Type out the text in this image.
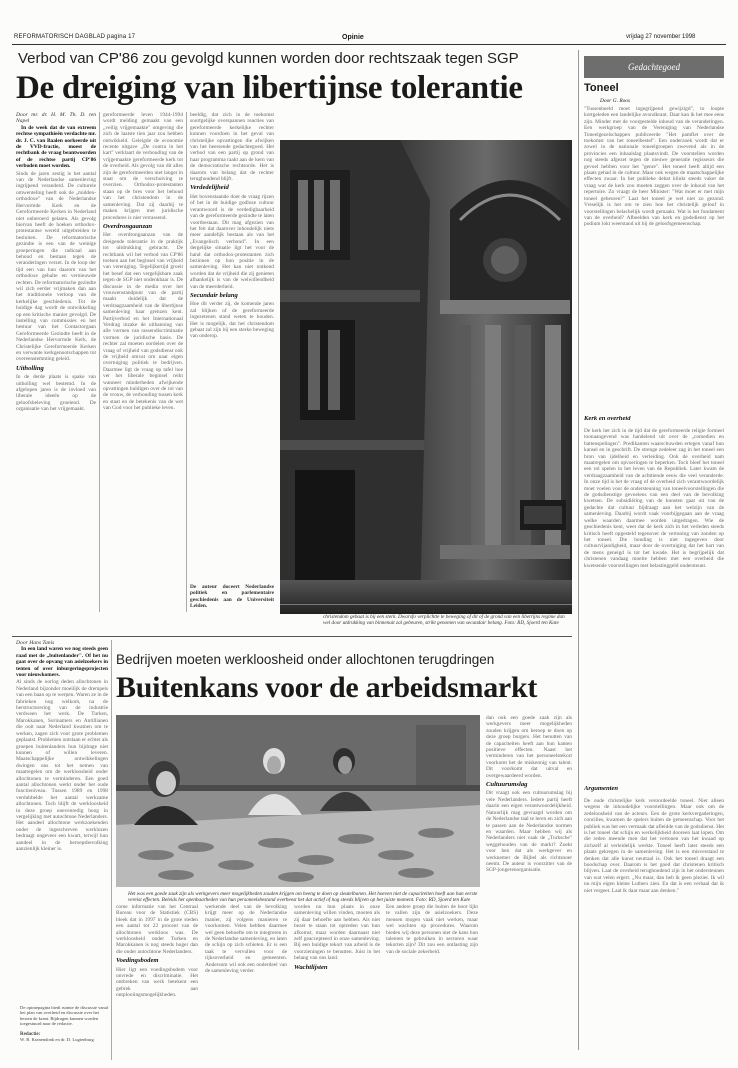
REFORMATORISCH DAGBLAD pagina 17	Opinie	vrijdag 27 november 1998
Verbod van CP'86 zou gevolgd kunnen worden door rechtszaak tegen SGP
De dreiging van libertijnse tolerantie
Door mr. dr. H. M. Th. D. ten Napel

In de week dat de van extreem rechtse sympathieën verdachte mr. dr. J. C. van Baalen oorkeerde uit de VVD-fractie, moest de rechtbank de vraag beantwoorden of de rechtse partij CP'86 verboden moet worden.

Sinds de jaren zestig is het aantal van de Nederlandse samenleving ingrijpend veranderd. De culturele omwenteling heeft ook de „midden-orthodoxe" van de Nederlandse Hervormde Kerk en de Gereformeerde Kerken in Nederland niet onberoerd gelaten. Als gevolg hiervan heeft de hoeken orthodox-protestantse wereld uitgebreiden te besluiten. De reformatorische gezindte is een van de weinige groeperingen die radicaal aan behoud en bestaan tegen de veranderingen verzet. In de loop der tijd een van hun daarom van het orthodoxe gehalte en vernieuwde rechten. De reformatorische gezindte wil zich eerder vrijmaken dan aan het traditionele verloop van de kerkelijke geschiedenis. Tot de huidige dag wordt de ontwikkeling op een kritische manier gevolgd. De instelling van commissies en het bestuur van het Contactorgaan Gereformeerde Gezindte heeft in de Nederlandse Hervormde Kerk, de Christelijke Gereformeerde Kerken en verwante kerkgenootschappen tot overeenstemming geleid.
Uitholling
In de derde plaats is spake van uitholling wel bestemd. In de afgelopen jaren is de invloed van liberale ideeën op de geloofsbeleving groeiend. De organisatie van het vrijgemaakt.
gereformeerde leven 1944-1994 wordt melding gemaakt van een „veilig vrijgemaakte" omgeving die zich de laatste tien jaar zou hebben ontwikkeld. Geleigde de economie recente uitgave „De contra in het kart" verklaart de verhouding van de vrijgemaakte gereformeerde kerk tot de overheid. Als gevolg van dit alles zijn de gereformeerden niet langer in staat om de verschuiving te overzien. Orthodox-protestanten staan op de bres voor het behoud van het christendom in de samenleving. Dat zij daarbij te maken krijgen met juridische procedures is niet verrassend.
Overdrongaanzan
Het overdrongaanzan van de dreigende tolerantie in de praktijk tot uitdrukking gebracht. De rechtbank wil het verbod van CP'86 toetsen aan het beginsel van vrijheid van vereniging. Tegelijkertijd groeit het besef dat een vergelijkbare zaak tegen de SGP niet ondenkbaar is. De discussie in de media over het vrouwenstandpunt van de partij maakt duidelijk dat de verdraagzaamheid van de libertijnse samenleving haar grenzen kent. Partijverbod en het Internationaal Verdrag inzake de uitbanning van alle vormen van rassendiscriminatie vormen de juridische basis. De rechter zal moeten oordelen over de vraag of vrijheid van godsdienst ook de vrijheid omvat om naar eigen overtuiging politiek te bedrijven. Daarmee ligt de vraag op tafel hoe ver het liberale beginsel reikt wanneer minderheden afwijkende opvattingen huldigen over de rol van de vrouw, de verhouding tussen kerk en staat en de betekenis van de wet van God voor het publieke leven.
beeldig, dat zich in de toekomst soortgelijke overspannen reacties van gereformeerde kerkelijke rechter kunnen voordoen in het geval van christelijke opvattingen die afwijken van het heersende gedachtegoed. Het verbod van een partij op grond van haar programma raakt aan de kern van de democratische rechtsorde. Het is daarom van belang dat de rechter terughoudend blijft.
Verdedelijheid
Het bovenstaande doet de vraag rijzen of het in de huidige godloze cultuur verantwoord is de verdedigbaarheid van de gereformeerde gezindte te laten voortbestaan. Dit mag afgezien van het feit dat daarover inhoudelijk niets meer aandelijk bestaan als van het „Evangelisch verbond". In een dergelijke situatie ligt het voor de hand dat orthodox-protestanten zich bezinnen op hun positie in de samenleving. Het kan niet ontkend worden dat de vrijheid die zij genieten afhankelijk is van de welwillendheid van de meerderheid.
Secundair belang
Hoe dit verder zij, de komende jaren zal blijken of de gereformeerde ingezetenen stand weten te houden. Het is mogelijk, dat het christendom gebaat zal zijn bij een sterke beweging van onderop.
De auteur doceert Nederlandse politiek en parlementaire geschiedenis aan de Universiteit Leiden.
De komende jaren zal blijken of de gereformeerde ingezetenen weer stand te houden. Het is mogelijk, dat het christendom gebaat is bij een sterk. Dwarsfo verplichtte te beweging of dit of de grond van een libertijns regime dan wel door utdrukking van binnenuit zal gebeuren, strikt genomen van secundair belang. Foto: RD, Sjoerd ten Kate
Gedachtegoed
Toneel
Door G. Roos
"Tussenbeeld moet ingegrijpend gewijzigd", to loopte kortgeleden een landelijke avondkrant. Daar kan ik het mee eens zijn. Minder met de voorgestelde inhoud van de veranderingen. Een werkgroep van de Vereniging van Nederlandse Toneelgezelschappen publiceerde "Het pamflet over de toekomst van het toneelbestel". Een onderzoek wordt dat er zowel in de nationale toneelgroepen zwevend als in de provincies een inhaalslag plaatsvindt. De voorstellen worden nog steeds afgezet tegen de nieuwe generatie regisseurs die gevoel hebben voor het "genre". Het toneel heeft altijd een plaats gehad in de cultuur. Maar ook wegen de maatschappelijke effecten zwaar. In het publieke debat klinkt steeds vaker de vraag wat de kerk zou moeten zeggen over de inhoud van het repertoire. Zo vraagt de heer Minister: "Wat moet er met mijn toneel gebeuren?" Laat het toneel je wel niet zo gezond. Vreselijk is het om te zien hoe het christelijk geloof in voorstellingen belachelijk wordt gemaakt. Wat is het fundament van de overheid? Afbeelden van kerk en godsdienst op het podium lokt weerstand uit bij de geloofsgemeenschap.
Kerk en overheid
De kerk het zich in de tijd dat de gereformeerde religie formeel toonaangevend was handelend uit over de „comedien en battenspelingen". Predikanten waarschuwden ertegen vanaf hun kansel en in geschrift. De strenge zedeleer zag in het toneel een bron van ijdelheid en verleiding. Ook de overheid nam maatregelen om opvoeringen te beperken. Toch bleef het toneel een rol spelen in het leven van de Republiek. Later kwam de verdraagzaamheid van de achttiende eeuw die veel veranderde. In onze tijd is het de vraag of de overheid zich verantwoordelijk moet voelen voor de ondersteuning van toneelvoorstellingen die de godsdienstige gevoelens van een deel van de bevolking kwetsen. De subsidiëring van de kunsten gaat uit van de gedachte dat cultuur bijdraagt aan het welzijn van de samenleving. Daarbij wordt vaak voorbijgegaan aan de vraag welke waarden daarmee worden uitgedragen. Wie de geschiedenis kent, weet dat de kerk zich in het verleden steeds kritisch heeft opgesteld tegenover de vertoning van zonden op het toneel. Die houding is niet ingegeven door cultuurvijandigheid, maar door de overtuiging dat het hart van de mens geneigd is tot het kwade. Het is begrijpelijk dat christenen vandaag moeite hebben met een overheid die kwetsende voorstellingen met belastinggeld ondersteunt.
Argumenten
De oude christelijke kerk veroordeelde toneel. Niet alleen wegens de inhoudelijke voorstellingen. Maar ook om de zedeloosheid van de acteurs. Een de grote kerkvergaderingen, concilies, kwamen de spelers buiten de gemeenschap. Voor het publiek was het een vermaak dat afleidde van de godsdienst. Het is het toneel dat schijn en werkelijkheid dooreen laat lopen. Om die reden meende men dat het vertonen van het kwaad op zichzelf al verleidelijk werkte. Toneel heeft later steeds een plaats gekregen in de samenleving. Het is een misverstand te denken dat alle kunst neutraal is. Ook het toneel draagt een boodschap over. Daarom is het goed dat christenen kritisch blijven. Laat de overheid terughoudend zijn in het ondersteunen van wat velen ergert. „Nu maar, dan heb ik geen plezier. Ik wil nu mijn eigen kleine Luthers zien. En dat is een verhaal dat ik niet vergeet. Laat ik daar maar aan denken."
Door Hans Tanis

In een land waren we nog steeds geen raad met de „buitenlander". Of het nu gaat over de opvang van asielzoekers in tenten of over inburgeringsprojecten voor nieuwkomers.

Al sinds de oorlog deden allochtonen in Nederland bijzonder moeilijk de drempels van een baan op te werpen. Waren ze in de fabrieken nog welkom, na de herstructurering van de industrie verdween het werk. De Turken, Marokkanen, Surinamers en Antillianen die ooit naar Nederland kwamen om te werken, zagen zich voor grote problemen geplaatst. Problemen ontstaan er echter als groepen buitenlanders hun bijdrage niet kunnen of willen leveren. Maatschappelijke ontwikkelingen dwingen ons tot het nemen van maatregelen om de werkloosheid onder allochtonen te verminderen. Een goed aantal allochtonen werkt onder het oude functieniveau. Tussen 1989 en 1998 verdubbelde het aantal werkzame allochtonen. Toch blijft de werkloosheid in deze groep onevenredig hoog in vergelijking met autochtone Nederlanders. Het aandeel allochtone werkzoekenden onder de ingeschreven werklozen bedraagt ongeveer een kwart, terwijl hun aandeel in de beroepsbevolking aanzienlijk kleiner is.
De opiniepagina biedt ruimte de discussie vanaf het plan van overheid en discussie over het bezien de krant. Bijdragen kunnen worden toegestuurd naar de redactie.
Redactie:
W. B. Kranendonk en dr. D. Lugtenburg
Bedrijven moeten werkloosheid onder allochtonen terugdringen
Buitenkans voor de arbeidsmarkt
Het was een goede zaak zijn als werkgevers meer mogelijkheden zouden krijgen om heeng te doen op sleutelbanen. Het hoeven niet de capaciteiten hoeft aan hun eerste vereist effecten. Beleids het openbaarheden van hun personeelsbestand overheest het dat actief of nog steeds blijven op het juiste moment. Foto: RD, Sjoerd ten Kate
dan ook een goede zaak zijn als werkgevers meer mogelijkheden zouden krijgen om beroep te doen op deze groep burgers. Het benutten van de capaciteiten heeft aan hun kanten positieve effecten. Naast het verminderen van het personeelstekort voorkomt het de miskennig van talent. Dit voorkomt dat uitval en overgewaardeerd worden.
Cultuurumslag
Dit vraagt ook een cultuurumslag bij vele Nederlanders. Iedere partij heeft daarin een eigen verantwoordelijkheid. Natuurlijk mag gevraagd worden om de Nederlandse taal te leren en zich aan te passen aan de Nederlandse normen en waarden. Maar hebben wij als Nederlanders niet vaak de „Turksche" weggehouden van de markt? Zoekt voor hen dat als werkgever en werknemer de Bijbel als richtsnoer neemt. De auteur is voorzitter van de SGP-jongerenorganisatie.
come informatie van het Centraal Bureau voor de Statistiek (CBS) bleek dat in 1997 in de grote steden een aantal tot 22 procent van de allochtonen werkloos was. De werkloosheid onder Turken en Marokkanen is nog steeds hoger dan die onder autochtone Nederlanders.
Voedingsbodem
Hier ligt een voedingsbodem voor onvrede en discriminatie. Het ontbreken van werk betekent een gebrek aan ontplooiingsmogelijkheden.
werkende deel van de bevolking krijgt meer op de Nederlandse manier, zij volgens manieren te voorkomen. Velen hebben daarmee wel geen behoefte om te integreren in de Nederlandse samenleving, en laten de schijn op zich schieten. Er is een taak te vervullen voor de rijksoverheid en gemeenten. Andersom wil ook een onderdeel van de samenleving verder.
worden nu hun plaats in onze samenleving willen vinden, moeten als zij daar behoefte aan hebben. Als niet bezet te staan tot optreden van hun afkomst, maar worden daarnaast niet zelf geaccepteerd in onze samenleving. Bij een huidige tekort van arbeid is de voorzieningen te benutten. Juist in het belang van ons land.
Wachtlijsten
Een andere groep die buiten de boot lijkt te vallen zijn de asielzoekers. Deze mensen mogen vaak niet werken, maar wel wachten op procedures. Waarom bieden wij deze personen niet de kans hun talenten te gebruiken in sectoren waar tekorten zijn? Dit zou een ontlasting zijn van de sociale zekerheid.
